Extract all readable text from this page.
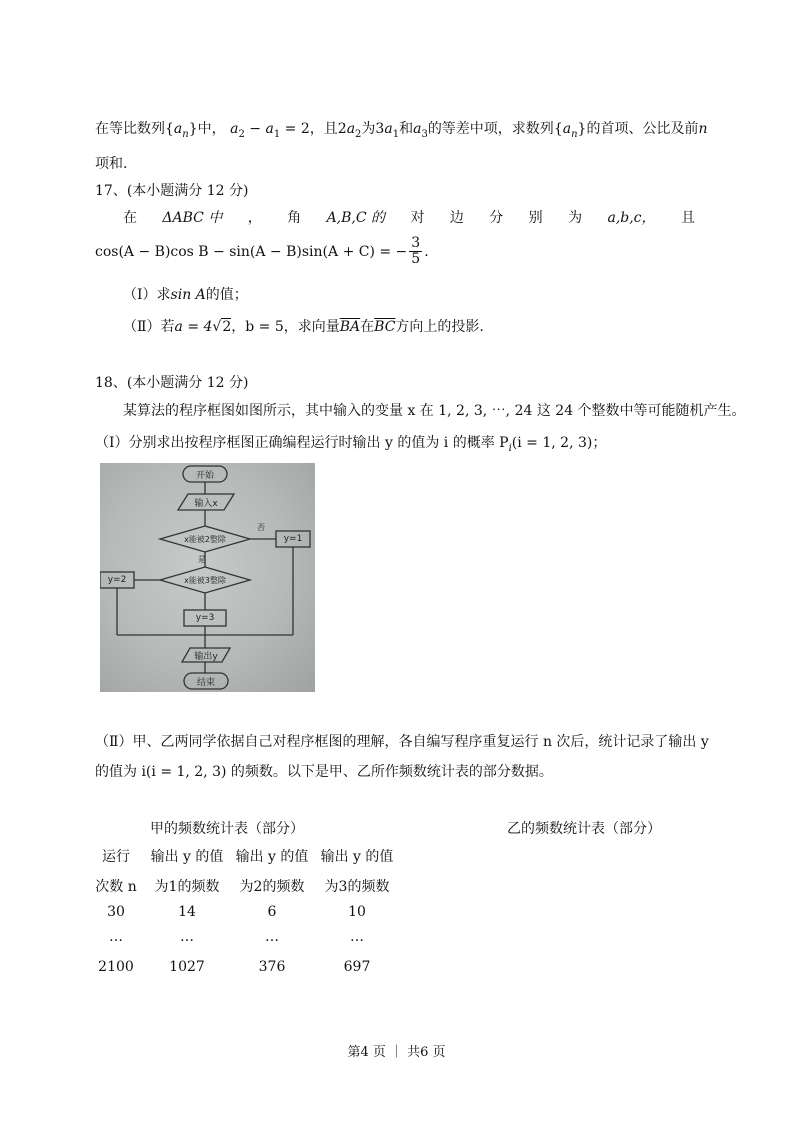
在等比数列$\{a_n\}$中， $a_2 - a_1 = 2$，且$2a_2$为$3a_1$和$a_3$的等差中项，求数列$\{a_n\}$的首项、公比及前n
项和.
17、(本小题满分 12 分)
在 ΔABC 中 ， 角 A,B,C 的 对 边 分 别 为 a,b,c， 且
cos(A − B)cos B − sin(A − B)sin(A + C) = − $\frac{3}{5}$ .
（Ⅰ）求sin A的值；
（Ⅱ）若a = 4√2，b = 5，求向量$\overline{BA}$在$\overline{BC}$方向上的投影.
18、(本小题满分 12 分)
某算法的程序框图如图所示，其中输入的变量 x 在 1, 2, 3, ⋯, 24 这 24 个整数中等可能随机产生。
（Ⅰ）分别求出按程序框图正确编程运行时输出 y 的值为 i 的概率 $P_i(i = 1$, 2, 3)；
开始
输入x
x能被2整除	y=1
否
是
x能被3整除
y=2
y=3
输出y
结束
（Ⅱ）甲、乙两同学依据自己对程序框图的理解，各自编写程序重复运行 n 次后，统计记录了输出 y
的值为 i(i = 1, 2, 3) 的频数。以下是甲、乙所作频数统计表的部分数据。
甲的频数统计表（部分）	乙的频数统计表（部分）
运行	输出 y 的值 输出 y 的值 输出 y 的值
次数 n	为1的频数	为2的频数	为3的频数
30	14	6	10
…	…	…	…
2100	1027	376	697
第4 页 ｜ 共6 页
